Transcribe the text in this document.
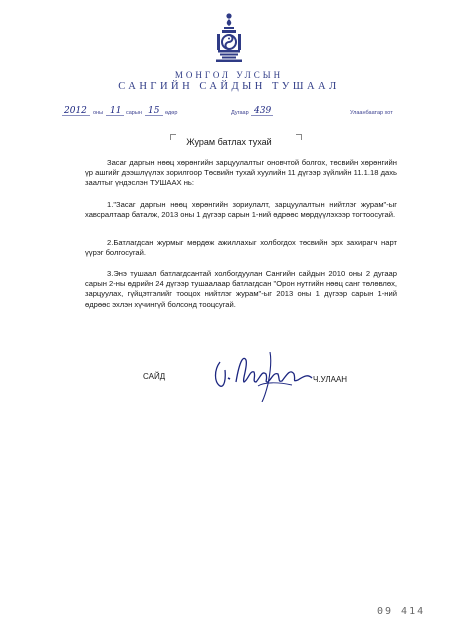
МОНГОЛ УЛСЫН
САНГИЙН САЙДЫН ТУШААЛ
2012 оны 11 сарын 15 өдөр	Дугаар 439	Улаанбаатар хот
Журам батлах тухай

Засаг даргын нөөц хөрөнгийн зарцуулалтыг оновчтой болгох, төсвийн хөрөнгийн үр ашгийг дээшлүүлэх зорилгоор Төсвийн тухай хуулийн 11 дүгээр зүйлийн 11.1.18 дахь заалтыг үндэслэн ТУШААХ нь:

1."Засаг даргын нөөц хөрөнгийн зориулалт, зарцуулалтын нийтлэг журам"-ыг хавсралтаар баталж, 2013 оны 1 дүгээр сарын 1-ний өдрөөс мөрдүүлэхээр тогтоосугай.

2.Батлагдсан журмыг мөрдөж ажиллахыг холбогдох төсвийн эрх захирагч нарт үүрэг болгосугай.

3.Энэ тушаал батлагдсантай холбогдуулан Сангийн сайдын 2010 оны 2 дугаар сарын 2-ны өдрийн 24 дүгээр тушаалаар батлагдсан "Орон нутгийн нөөц санг төлөвлөх, зарцуулах, гүйцэтгэлийг тооцох нийтлэг журам"-ыг 2013 оны 1 дүгээр сарын 1-ний өдрөөс эхлэн хүчингүй болсонд тооцсугай.

САЙД	Ч.УЛААН
09 414
